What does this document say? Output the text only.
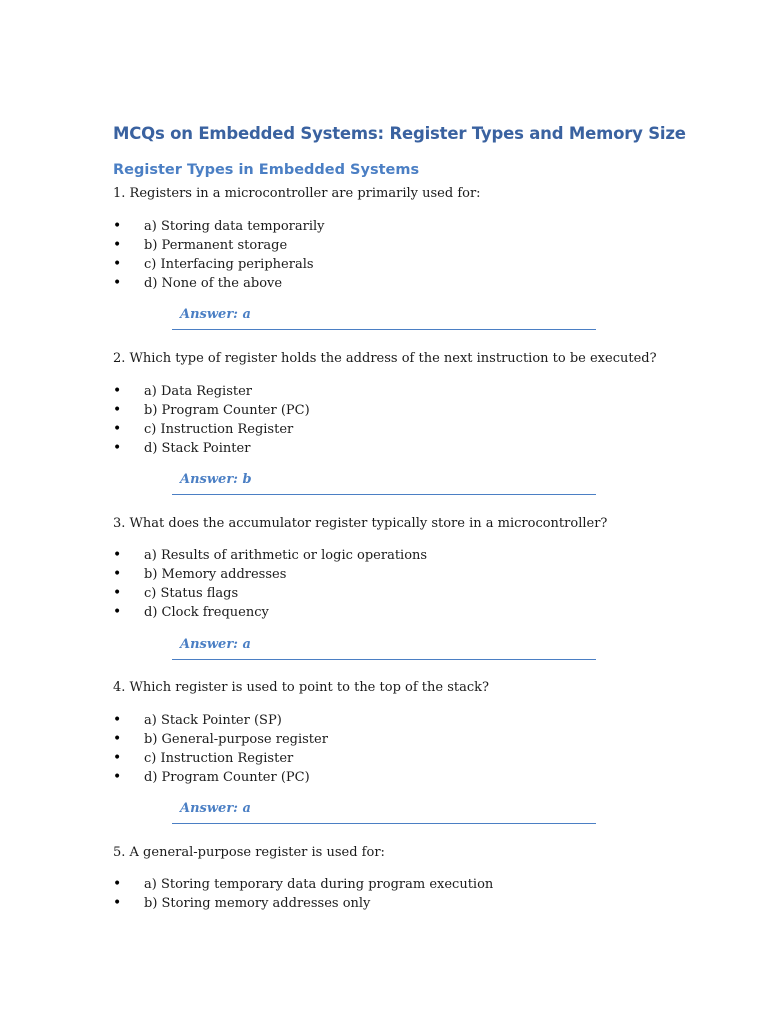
MCQs on Embedded Systems: Register Types and Memory Size
Register Types in Embedded Systems
1. Registers in a microcontroller are primarily used for:
• a) Storing data temporarily
• b) Permanent storage
• c) Interfacing peripherals
• d) None of the above
Answer: a
2. Which type of register holds the address of the next instruction to be executed?
• a) Data Register
• b) Program Counter (PC)
• c) Instruction Register
• d) Stack Pointer
Answer: b
3. What does the accumulator register typically store in a microcontroller?
• a) Results of arithmetic or logic operations
• b) Memory addresses
• c) Status flags
• d) Clock frequency
Answer: a
4. Which register is used to point to the top of the stack?
• a) Stack Pointer (SP)
• b) General-purpose register
• c) Instruction Register
• d) Program Counter (PC)
Answer: a
5. A general-purpose register is used for:
• a) Storing temporary data during program execution
• b) Storing memory addresses only
